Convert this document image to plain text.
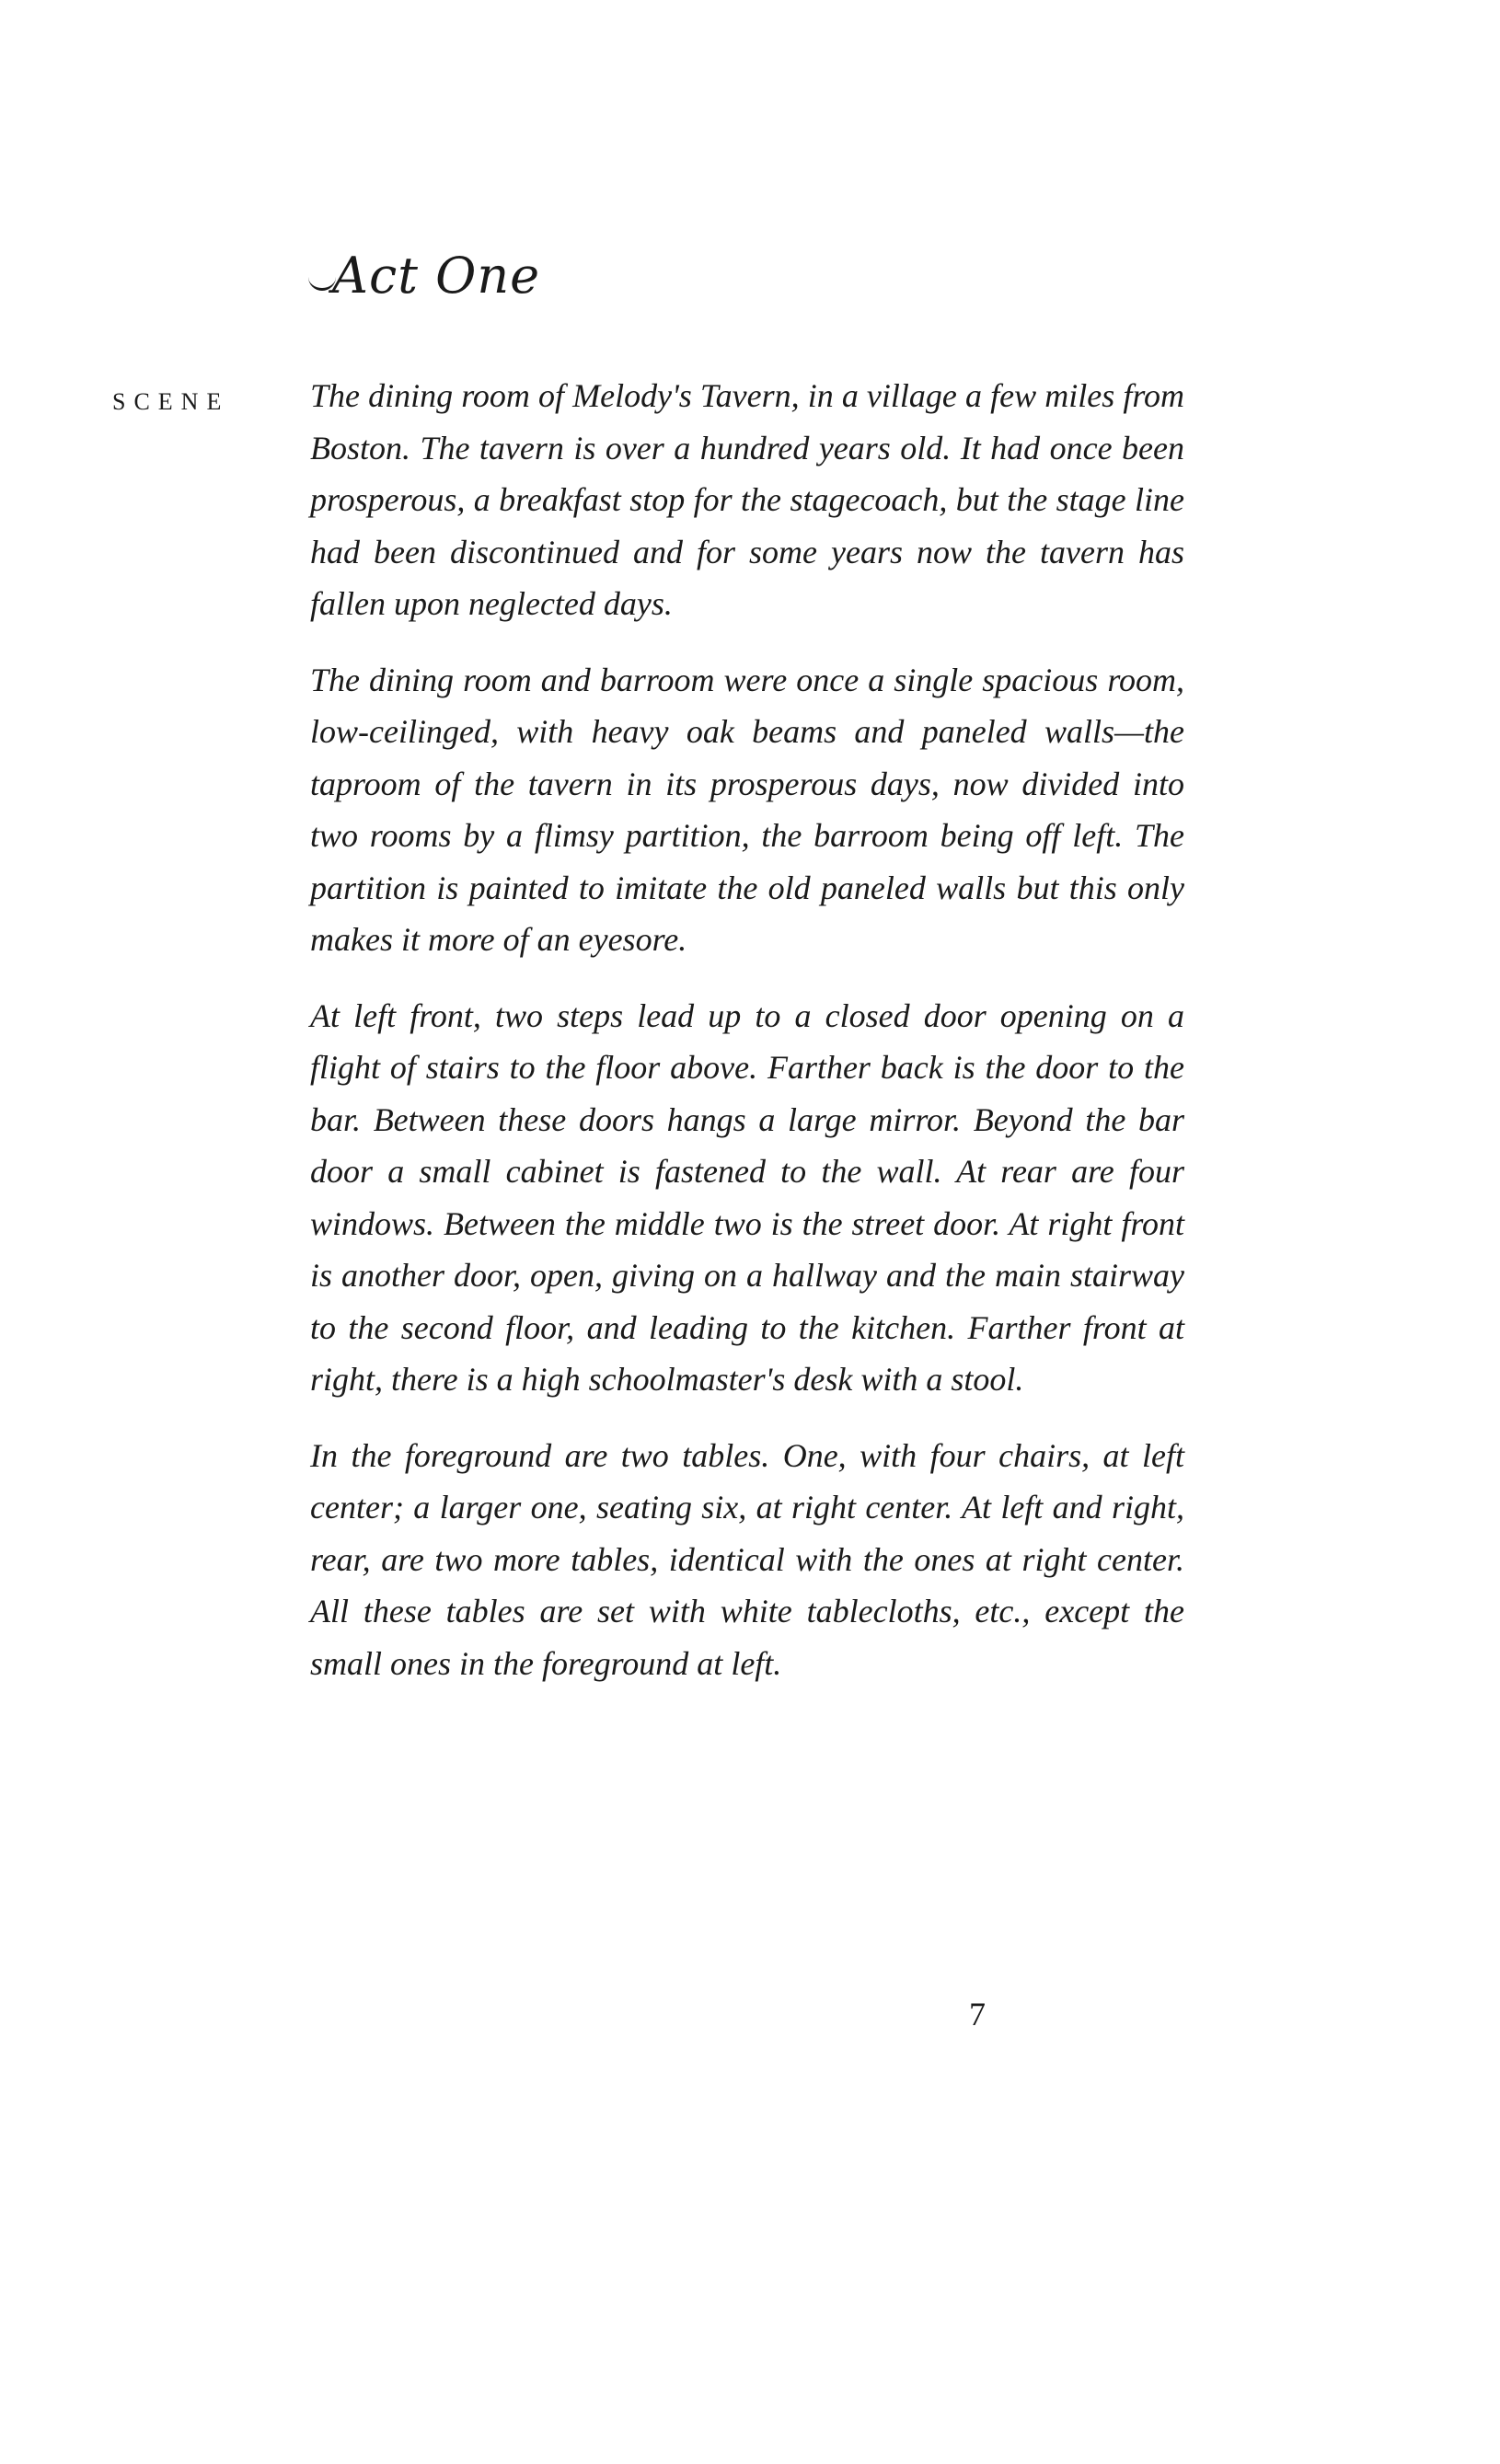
Act One
SCENE The dining room of Melody's Tavern, in a village a few miles from Boston. The tavern is over a hundred years old. It had once been prosperous, a breakfast stop for the stagecoach, but the stage line had been discontinued and for some years now the tavern has fallen upon neglected days.

The dining room and barroom were once a single spacious room, low-ceilinged, with heavy oak beams and paneled walls—the taproom of the tavern in its prosperous days, now divided into two rooms by a flimsy partition, the barroom being off left. The partition is painted to imitate the old paneled walls but this only makes it more of an eyesore.

At left front, two steps lead up to a closed door opening on a flight of stairs to the floor above. Farther back is the door to the bar. Between these doors hangs a large mirror. Beyond the bar door a small cabinet is fastened to the wall. At rear are four windows. Between the middle two is the street door. At right front is another door, open, giving on a hallway and the main stairway to the second floor, and leading to the kitchen. Farther front at right, there is a high schoolmaster's desk with a stool.

In the foreground are two tables. One, with four chairs, at left center; a larger one, seating six, at right center. At left and right, rear, are two more tables, identical with the ones at right center. All these tables are set with white tablecloths, etc., except the small ones in the foreground at left.

7
